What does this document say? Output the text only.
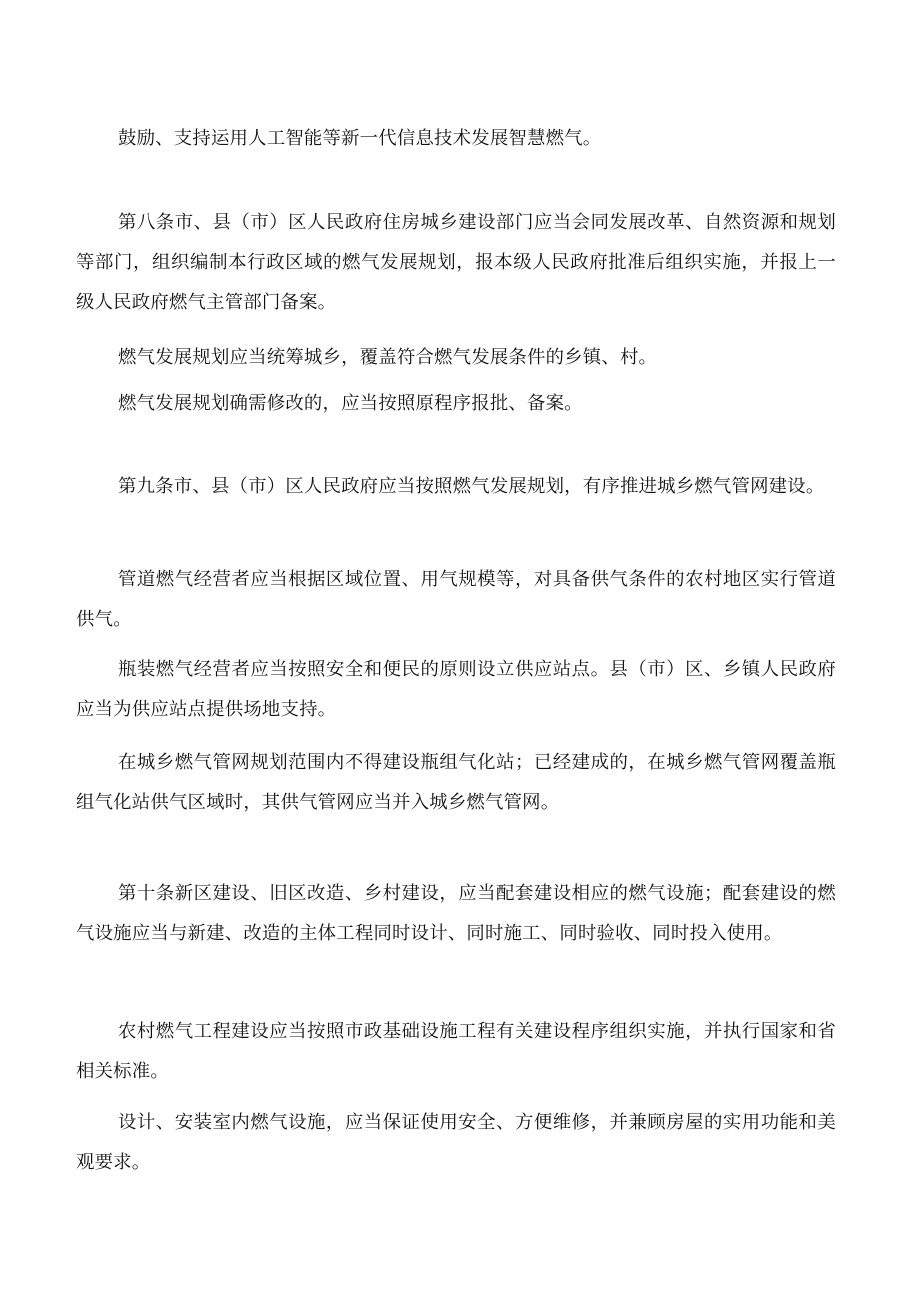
鼓励、支持运用人工智能等新一代信息技术发展智慧燃气。

第八条市、县（市）区人民政府住房城乡建设部门应当会同发展改革、自然资源和规划等部门，组织编制本行政区域的燃气发展规划，报本级人民政府批准后组织实施，并报上一级人民政府燃气主管部门备案。

燃气发展规划应当统筹城乡，覆盖符合燃气发展条件的乡镇、村。

燃气发展规划确需修改的，应当按照原程序报批、备案。

第九条市、县（市）区人民政府应当按照燃气发展规划，有序推进城乡燃气管网建设。

管道燃气经营者应当根据区域位置、用气规模等，对具备供气条件的农村地区实行管道供气。

瓶装燃气经营者应当按照安全和便民的原则设立供应站点。县（市）区、乡镇人民政府应当为供应站点提供场地支持。

在城乡燃气管网规划范围内不得建设瓶组气化站；已经建成的，在城乡燃气管网覆盖瓶组气化站供气区域时，其供气管网应当并入城乡燃气管网。

第十条新区建设、旧区改造、乡村建设，应当配套建设相应的燃气设施；配套建设的燃气设施应当与新建、改造的主体工程同时设计、同时施工、同时验收、同时投入使用。

农村燃气工程建设应当按照市政基础设施工程有关建设程序组织实施，并执行国家和省相关标准。

设计、安装室内燃气设施，应当保证使用安全、方便维修，并兼顾房屋的实用功能和美观要求。
